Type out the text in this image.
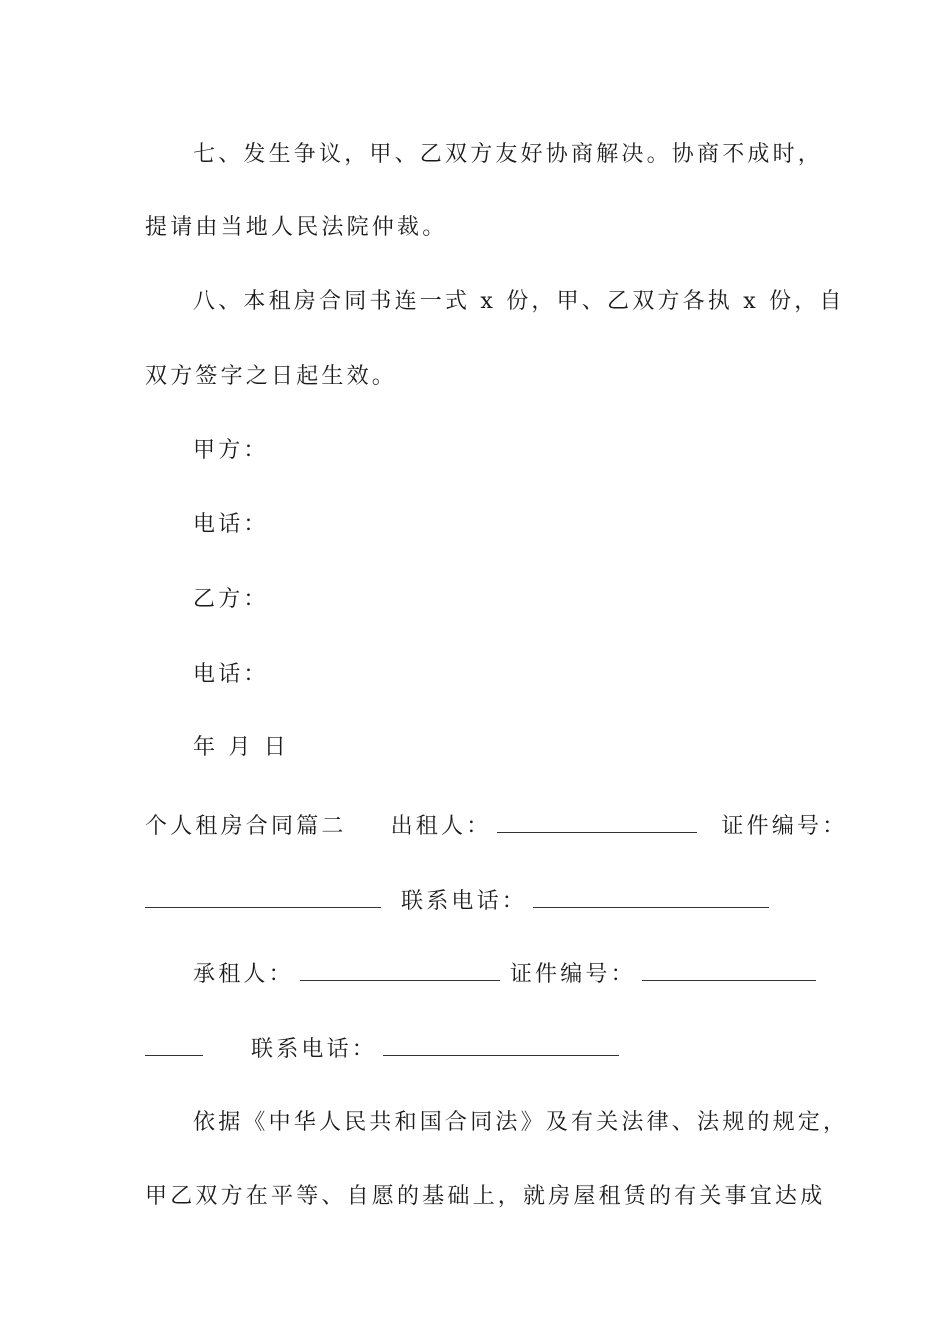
七、发生争议，甲、乙双方友好协商解决。协商不成时，
提请由当地人民法院仲裁。
八、本租房合同书连一式 x 份，甲、乙双方各执 x 份，自
双方签字之日起生效。
甲方：
电话：
乙方：
电话：
年 月 日
个人租房合同篇二 出租人：	证件编号：
联系电话：
承租人：	证件编号：
联系电话：
依据《中华人民共和国合同法》及有关法律、法规的规定，
甲乙双方在平等、自愿的基础上，就房屋租赁的有关事宜达成
